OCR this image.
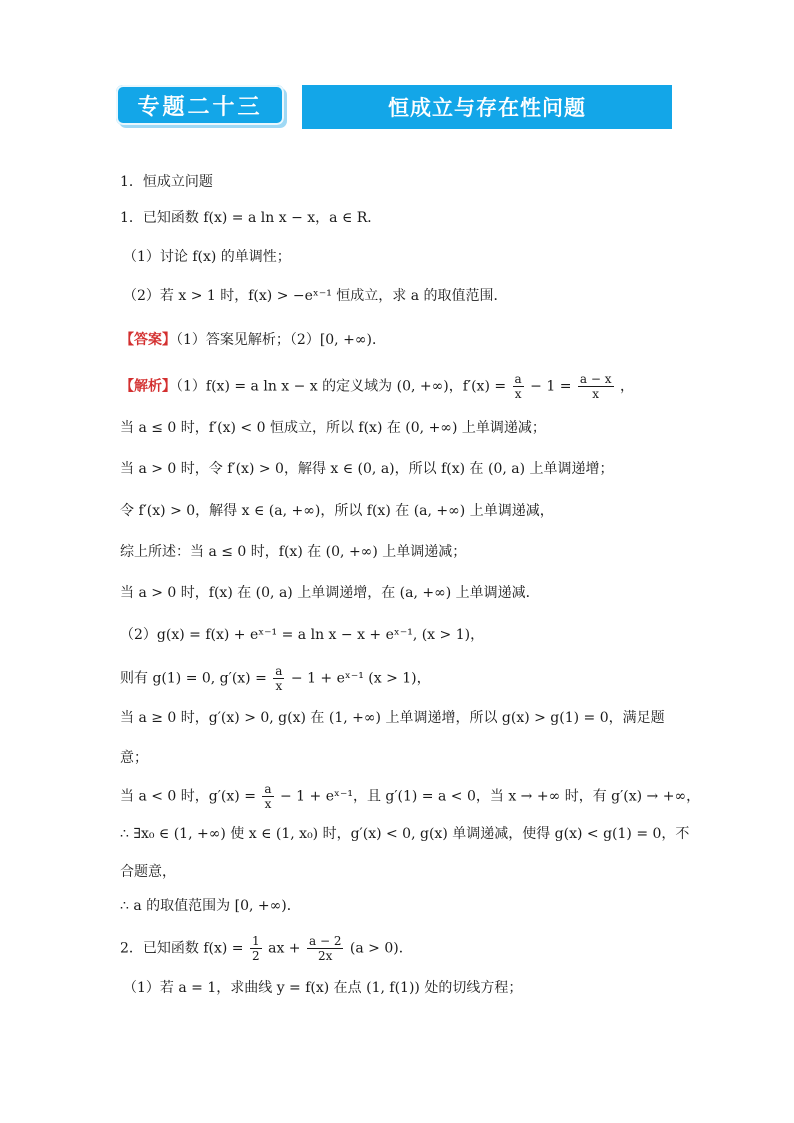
专题二十三	恒成立与存在性问题
1．恒成立问题
1．已知函数 f(x) = a ln x − x，a ∈ R．
（1）讨论 f(x) 的单调性；
（2）若 x > 1 时，f(x) > −eˣ⁻¹ 恒成立，求 a 的取值范围．
【答案】（1）答案见解析；（2）[0, +∞)．
【解析】（1）f(x) = a ln x − x 的定义域为 (0, +∞)，$f'(x) = \frac{a}{x} - 1 = \frac{a - x}{x}$ ，
当 a ≤ 0 时，f′(x) < 0 恒成立，所以 f(x) 在 (0, +∞) 上单调递减；
当 a > 0 时，令 f′(x) > 0，解得 x ∈ (0, a)，所以 f(x) 在 (0, a) 上单调递增；
令 f′(x) > 0，解得 x ∈ (a, +∞)，所以 f(x) 在 (a, +∞) 上单调递减，
综上所述：当 a ≤ 0 时，f(x) 在 (0, +∞) 上单调递减；
当 a > 0 时，f(x) 在 (0, a) 上单调递增，在 (a, +∞) 上单调递减．
（2）g(x) = f(x) + eˣ⁻¹ = a ln x − x + eˣ⁻¹, (x > 1)，
则有 g(1) = 0, $g'(x) = \frac{a}{x} - 1$ + eˣ⁻¹ (x > 1)，
当 a ≥ 0 时，g′(x) > 0, g(x) 在 (1, +∞) 上单调递增，所以 g(x) > g(1) = 0，满足题
意；
当 a < 0 时，$g'(x) = \frac{a}{x} - 1$ + eˣ⁻¹，且 g′(1) = a < 0，当 x → +∞ 时，有 g′(x) → +∞，
∴ ∃x₀ ∈ (1, +∞) 使 x ∈ (1, x₀) 时，g′(x) < 0, g(x) 单调递减，使得 g(x) < g(1) = 0，不
合题意，
∴ a 的取值范围为 [0, +∞)．
2．已知函数 $f(x) = \frac{1}{2}$ ax + $\frac{a - 2}{2x} (a > 0)$．
（1）若 a = 1，求曲线 y = f(x) 在点 (1, f(1)) 处的切线方程；
